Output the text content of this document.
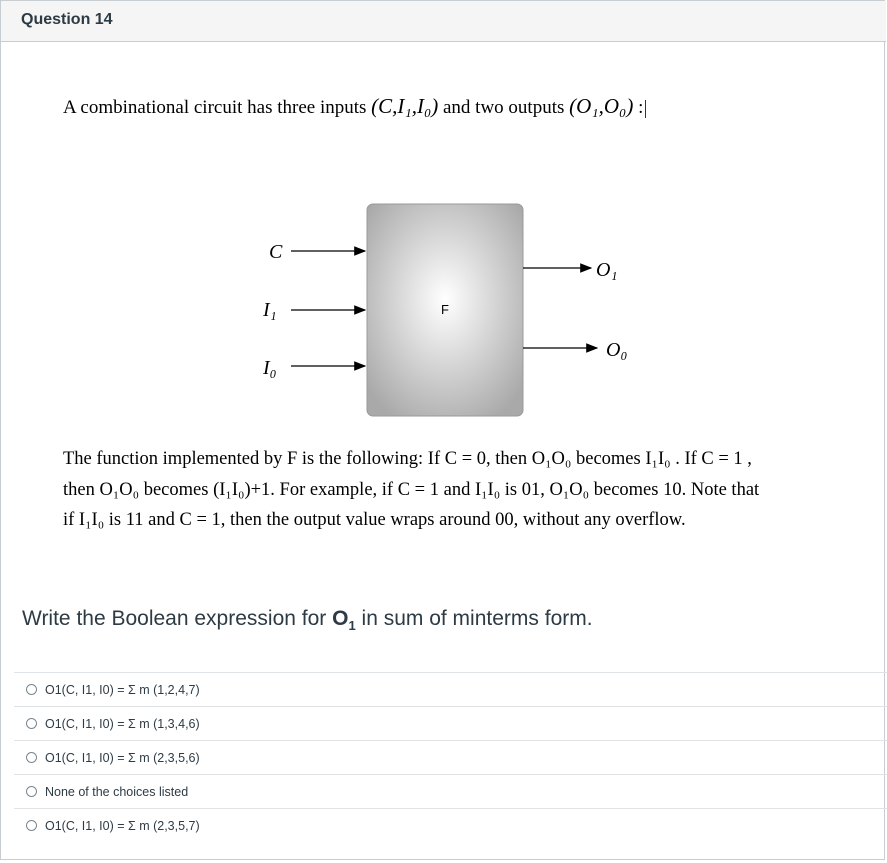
Question 14
A combinational circuit has three inputs (C,I₁,I₀) and two outputs (O₁,O₀) :
F
C
I₁
I₀
O₁
O₀
The function implemented by F is the following: If C = 0, then O₁O₀ becomes I₁I₀ . If C = 1 ,
then O₁O₀ becomes (I₁I₀)+1. For example, if C = 1 and I₁I₀ is 01, O₁O₀ becomes 10. Note that
if I₁I₀ is 11 and C = 1, then the output value wraps around 00, without any overflow.
Write the Boolean expression for $O_1$ in sum of minterms form.
O1(C, I1, I0) = Σ m (1,2,4,7)
O1(C, I1, I0) = Σ m (1,3,4,6)
O1(C, I1, I0) = Σ m (2,3,5,6)
None of the choices listed
O1(C, I1, I0) = Σ m (2,3,5,7)
